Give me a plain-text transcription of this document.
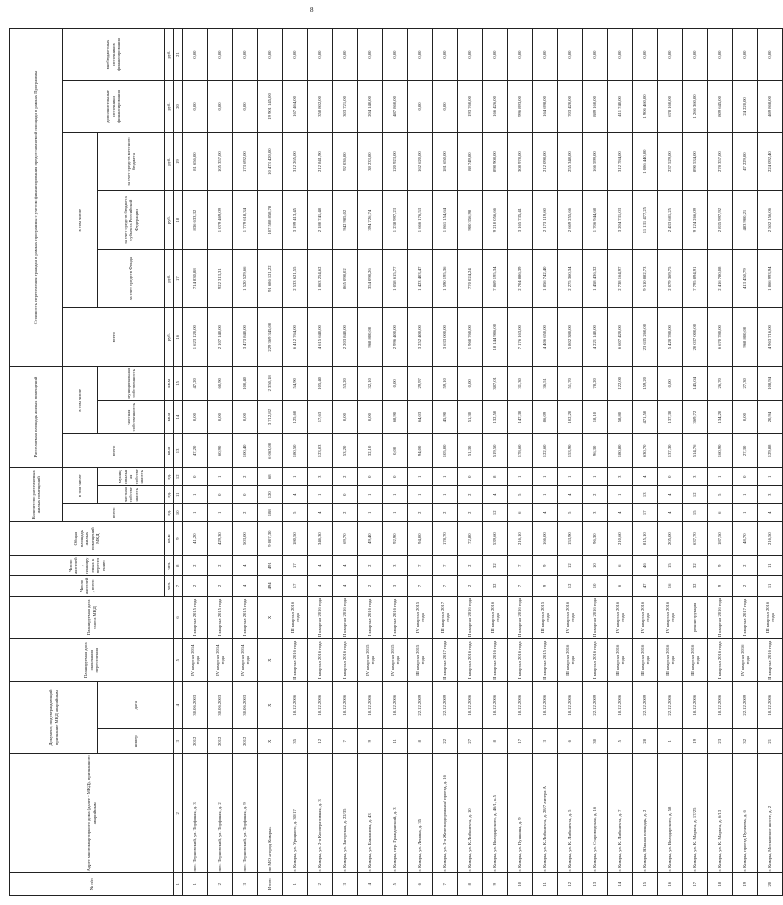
8
№ п/п	Адрес многоквартирного дома (далее - МКД), признанного аварийным	Документ, подтверждающий признание МКД аварийным		Планируемая дата окончания переселения	Планируемая дата сноса МКД	Число жителей, всего	Число жителей, планируемых к переселению	Общая площадь жилых помещений МКД	Количество расселяемых жилых помещений			Расселяемая площадь жилых помещений			Стоимость переселения граждан в рамках программы с учетом финансирования предоставляемой площади в рамках Программы					
									всего	в том числе		всего	в том числе		всего	в том числе			дополнительные источники финансирования	внебюджетных источников финансирования
		номер	дата							частная собственность	муниципальная собственность		частная собственность	муниципальная собственность		за счет средств Фонда	за счет средств бюджета субъекта Российской Федерации	за счет средств местного бюджета		
						чел.	чел.	кв.м	ед.	ед.	ед.	кв.м	кв.м	кв.м	руб.	руб.	руб.	руб.	руб.	руб.
1	2	3	4	5	6	7	8	9	10	11	12	13	14	15	16	17	18	19	20	21
1	пос. Терновский, ул. Торфяная, д. 3	2012	30.06.2003	IV квартал 2014 года	I квартал 2015 года	2	2	41,20	1	1	0	47,20	0,00	47,20	1 623 120,00	714 830,88	836 633,32	81 656,00	0,00	0,00
2	пос. Терновский, ул. Торфяная, д. 2	2012	30.06.2003	IV квартал 2014 года	I квартал 2015 года	2	2	429,30	1	0	1	60,90	0,00	60,90	2 107 140,00	922 313,31	1 079 469,09	105 357,00	0,00	0,00
3	пос. Терновский, ул. Торфяная, д. 9	2012	30.06.2003	IV квартал 2014 года	I квартал 2015 года	4	4	503,00	2	0	2	100,40	0,00	100,40	3 473 840,00	1 520 529,66	1 779 618,34	173 692,00	0,00	0,00
Итого	по МО «город Кимры»	X	X	X	X	494	491	9 007,30	188	120	68	6 063,00	3 712,82	2 350,18	229 369 345,00	91 686 121,22	107 508 858,78	10 473 420,00	19 901 145,00	0,00
1	г. Кимры, ул. Урицкого, д. 30/17	35	18.12.2006	II квартал 2016 года	III квартал 2016 года	17	17	180,50	5	4	1	180,50	125,60	54,90	6 412 764,00	2 533 621,55	3 199 413,45	312 265,00	167 464,00	0,00
2	г. Кимры, ул. 2-я Кооперативная, д. 3	12	18.12.2006	I квартал 2016 года	II квартал 2016 года	4	4	346,30	4	1	3	123,03	17,63	105,40	4 615 640,00	1 863 254,62	2 180 741,48	212 841,90	358 802,00	0,00
3	г. Кимры, ул. Загорская, д. 22/35	7	18.12.2006	I квартал 2016 года	II квартал 2016 года	4	4	69,70	2	0	2	53,20	0,00	53,20	2 203 840,00	865 098,02	942 985,02	92 036,00	303 721,00	0,00
4	г. Кимры, ул. Бакланова, д. 43	9	18.12.2006	IV квартал 2015 года	I квартал 2016 года	2	2	49,40	1	1	0	32,10	0,00	32,10	968 800,00	354 098,26	394 726,74	38 233,00	204 140,00	0,00
5	г. Кимры, пер. Гражданский, д. 3	11	18.12.2006	IV квартал 2015 года	I квартал 2016 года	3	3	92,90	1	1	0	0,00	68,90	0,00	2 996 400,00	1 058 615,77	1 238 997,23	120 923,00	487 860,00	0,00
6	г. Кимры, ул. Ленина, д. 35	8	22.12.2009	III квартал 2015 года	IV квартал 2015 года	7	7	94,00	2	1	1	94,00	64,03	29,97	3 252 400,00	1 423 403,47	1 666 176,53	162 620,00	0,00	0,00
7	г. Кимры, ул. 3-я Железнодорожная/ проезд, д. 16	22	22.12.2009	II квартал 2017 года	III квартал 2017 года	7	7	178,70	2	1	1	105,00	45,90	59,10	3 633 000,00	1 590 195,36	1 861 154,64	181 650,00	0,00	0,00
8	г. Кимры, ул. К.Либкнехта, д. 10	27	18.12.2006	I квартал 2016 года	II квартал 2016 года	2	2	72,80	2	2	0	51,30	51,30	0,00	1 968 760,00	770 024,24	900 356,98	88 749,00	193 760,00	0,00
9	г. Кимры, ул. Володарского, д. 46/1, к.5	8	18.12.2006	II квартал 2016 года	III квартал 2016 года	32	32	539,60	12	4	8	519,50	132,50	387,01	18 144 986,00	7 869 195,34	9 210 056,66	898 908,00	166 426,00	0,00
10	г. Кимры, ул. Пушкина, д. 9	17	18.12.2006	I квартал 2016 года	II квартал 2016 года	7	7	216,10	6	5	1	178,60	147,30	31,30	7 176 163,00	2 704 886,39	3 165 735,41	308 978,00	996 893,00	0,00
11	г. Кимры, ул. К.Либкнехта, д. 28/7 литера А	3	18.12.2006	II квартал 2015 года	III квартал 2015 года	9	9	166,00	4	1	1	122,60	86,09	36,51	4 406 650,00	1 856 742,40	2 173 119,60	212 098,00	164 698,00	0,00
12	г. Кимры, ул. К. Либкнехта, д. 5	6	18.12.2006	III квартал 2016 года	IV квартал 2016 года	12	12	153,90	5	4	1	153,90	102,20	51,70	5 802 380,00	2 275 360,34	2 669 255,66	255 348,00	703 420,00	0,00
13	г. Кимры, ул. Староводская, д. 16	30	22.12.2009	I квартал 2016 года	II квартал 2016 года	10	10	96,30	3	2	1	96,30	18,10	78,20	4 221 140,00	1 458 436,32	1 706 944,68	166 599,00	889 160,00	0,00
14	г. Кимры, ул. К. Либкнехта, д. 7	5	18.12.2006	III квартал 2016 года	IV квартал 2016 года	6	6	210,60	4	1	3	180,80	58,80	122,00	6 607 420,00	2 738 164,97	3 204 731,03	312 784,00	411 740,00	0,00
15	г. Кимры, Южная площадь, д. 2	28	22.12.2009	III квартал 2016 года	IV квартал 2016 года	47	46	815,10	17	13	4	630,70	471,50	159,20	23 635 260,00	9 510 882,73	11 131 477,25	1 086 440,00	1 906 460,00	0,00
16	г. Кимры, ул. Володарского, д. 58	1	22.12.2006	III квартал 2016 года	IV квартал 2016 года	16	15	205,00	4	4	0	137,30	137,30	0,00	5 428 780,00	2 079 369,75	2 433 681,25	237 529,00	678 160,00	0,00
17	г. Кимры, ул. К. Маркса, д. 17/25	19	18.12.2006	III квартал 2016 года	реконструкция	32	32	637,70	15	12	3	514,76	369,72	145,04	20 037 000,00	7 795 894,91	9 124 266,09	890 534,00	1 266 360,00	0,00
18	г. Кимры, ул. К. Маркса, д. 6/13	23	18.12.2006	I квартал 2016 года	II квартал 2016 года	9	9	187,50	6	5	1	160,90	134,20	26,70	6 670 780,00	2 416 780,08	2 835 997,92	278 357,00	809 645,00	0,00
19	г. Кимры, проезд Пугачева, д. 6	32	22.12.2009	IV квартал 2016 года	I квартал 2017 года	2	2	48,70	1	1	0	27,30	0,00	27,30	968 800,00	413 450,79	483 900,21	47 229,00	24 220,00	0,00
20	г. Кимры, Московское шоссе, д. 2	21	18.12.2006	II квартал 2016 года	III квартал 2016 года	11	11	216,50	4	3	1	129,88	20,94	108,94	4 963 716,00	1 866 993,94	2 502 156,06	224 092,40	469 868,00	0,00
